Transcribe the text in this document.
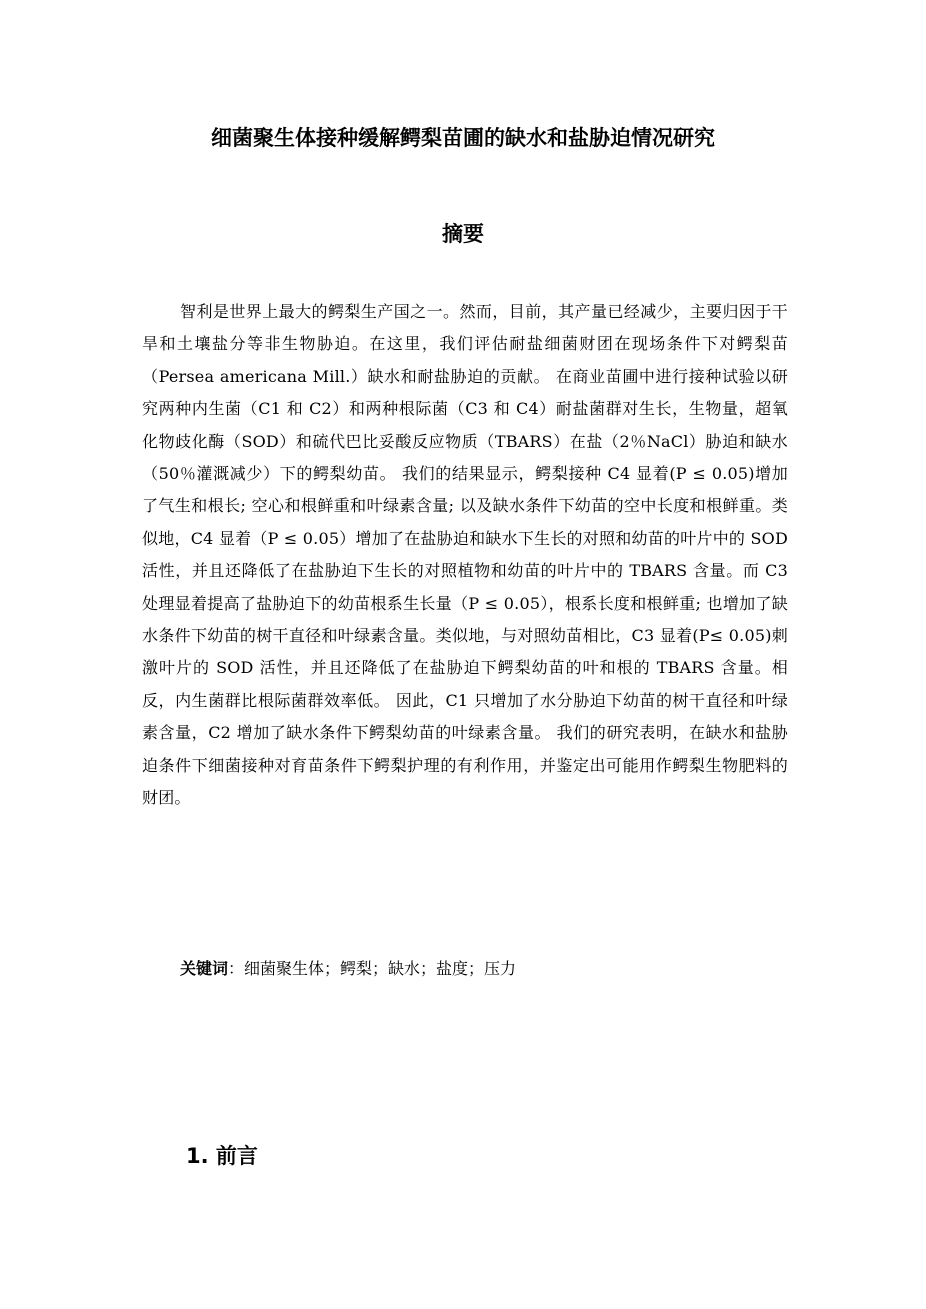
细菌聚生体接种缓解鳄梨苗圃的缺水和盐胁迫情况研究
摘要

智利是世界上最大的鳄梨生产国之一。然而，目前，其产量已经减少，主要归因于干旱和土壤盐分等非生物胁迫。在这里，我们评估耐盐细菌财团在现场条件下对鳄梨苗（Persea americana Mill.）缺水和耐盐胁迫的贡献。 在商业苗圃中进行接种试验以研究两种内生菌（C1 和 C2）和两种根际菌（C3 和 C4）耐盐菌群对生长，生物量，超氧化物歧化酶（SOD）和硫代巴比妥酸反应物质（TBARS）在盐（2％NaCl）胁迫和缺水（50％灌溉减少）下的鳄梨幼苗。 我们的结果显示，鳄梨接种 C4 显着(P ≤ 0.05)增加了气生和根长; 空心和根鲜重和叶绿素含量; 以及缺水条件下幼苗的空中长度和根鲜重。类似地，C4 显着（P ≤ 0.05）增加了在盐胁迫和缺水下生长的对照和幼苗的叶片中的 SOD 活性，并且还降低了在盐胁迫下生长的对照植物和幼苗的叶片中的 TBARS 含量。而 C3 处理显着提高了盐胁迫下的幼苗根系生长量（P ≤ 0.05），根系长度和根鲜重; 也增加了缺水条件下幼苗的树干直径和叶绿素含量。类似地，与对照幼苗相比，C3 显着(P≤ 0.05)刺激叶片的 SOD 活性，并且还降低了在盐胁迫下鳄梨幼苗的叶和根的 TBARS 含量。相反，内生菌群比根际菌群效率低。 因此，C1 只增加了水分胁迫下幼苗的树干直径和叶绿素含量，C2 增加了缺水条件下鳄梨幼苗的叶绿素含量。 我们的研究表明，在缺水和盐胁迫条件下细菌接种对育苗条件下鳄梨护理的有利作用，并鉴定出可能用作鳄梨生物肥料的财团。

关键词：细菌聚生体；鳄梨；缺水；盐度；压力

1. 前言
